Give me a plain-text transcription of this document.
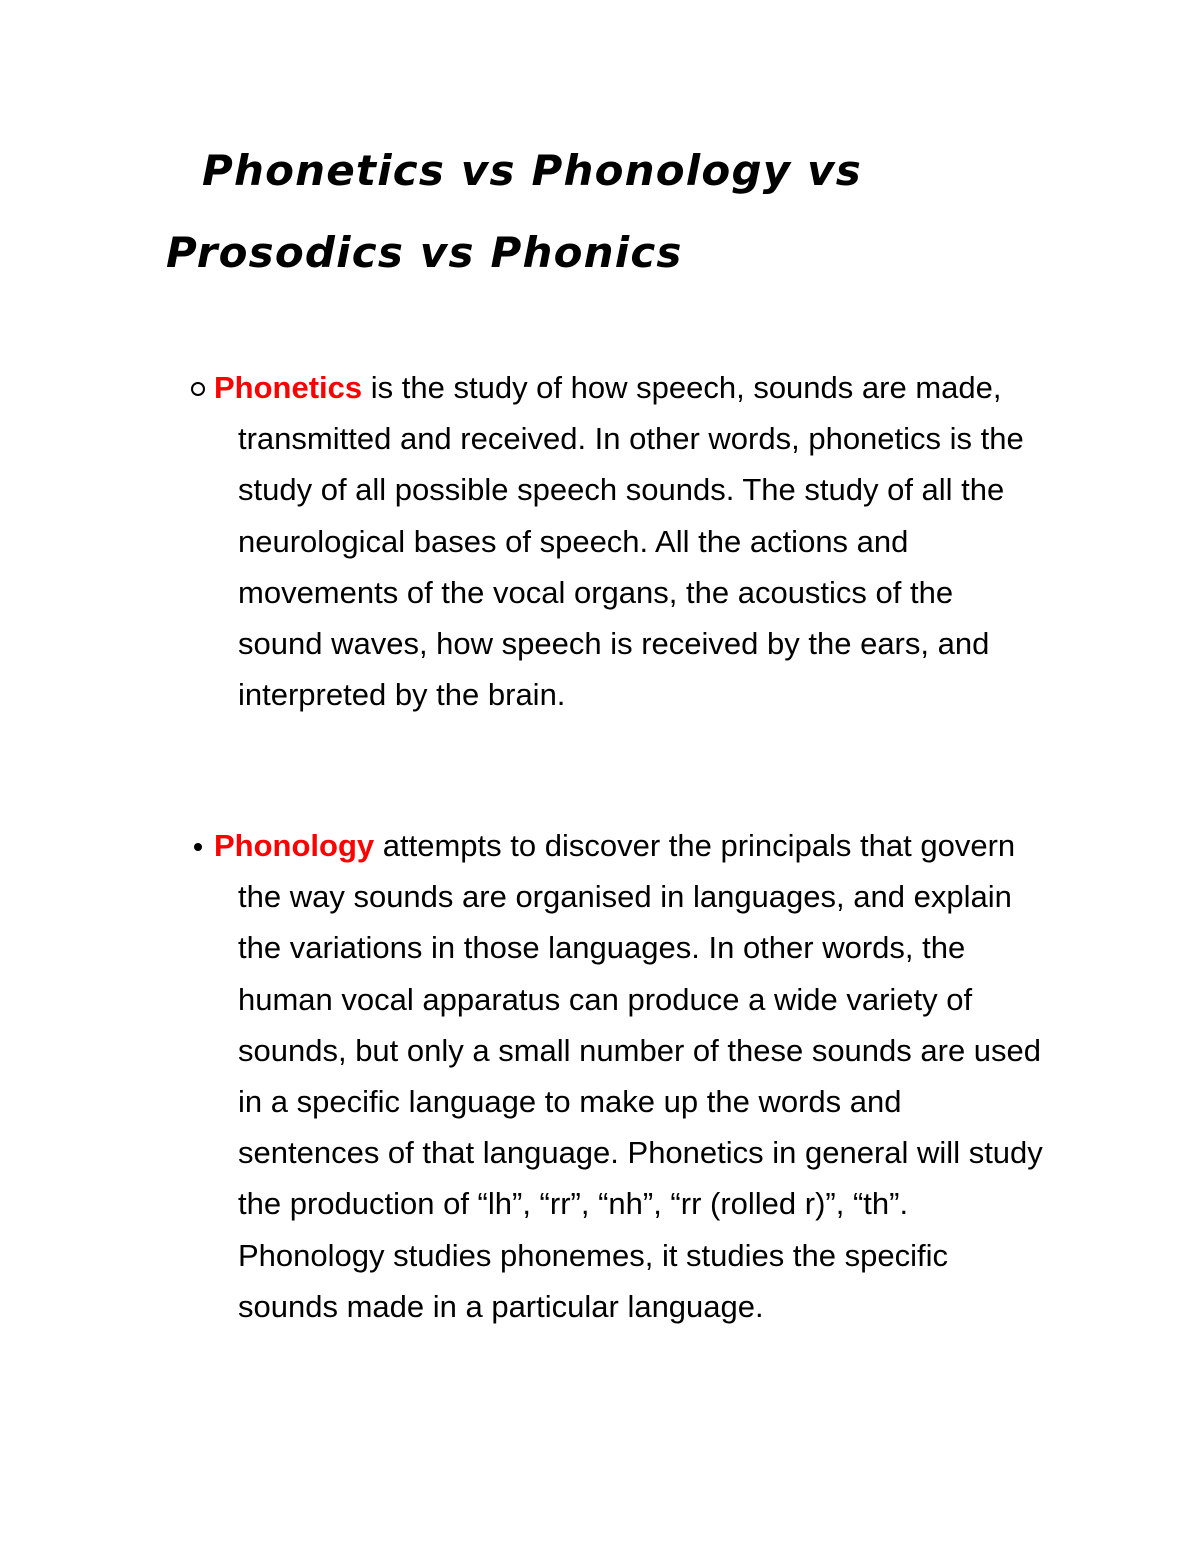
Phonetics vs Phonology vs Prosodics vs Phonics

Phonetics is the study of how speech, sounds are made, transmitted and received. In other words, phonetics is the study of all possible speech sounds. The study of all the neurological bases of speech. All the actions and movements of the vocal organs, the acoustics of the sound waves, how speech is received by the ears, and interpreted by the brain.

Phonology attempts to discover the principals that govern the way sounds are organised in languages, and explain the variations in those languages. In other words, the human vocal apparatus can produce a wide variety of sounds, but only a small number of these sounds are used in a specific language to make up the words and sentences of that language. Phonetics in general will study the production of “lh”, “rr”, “nh”, “rr (rolled r)”, “th”. Phonology studies phonemes, it studies the specific sounds made in a particular language.
